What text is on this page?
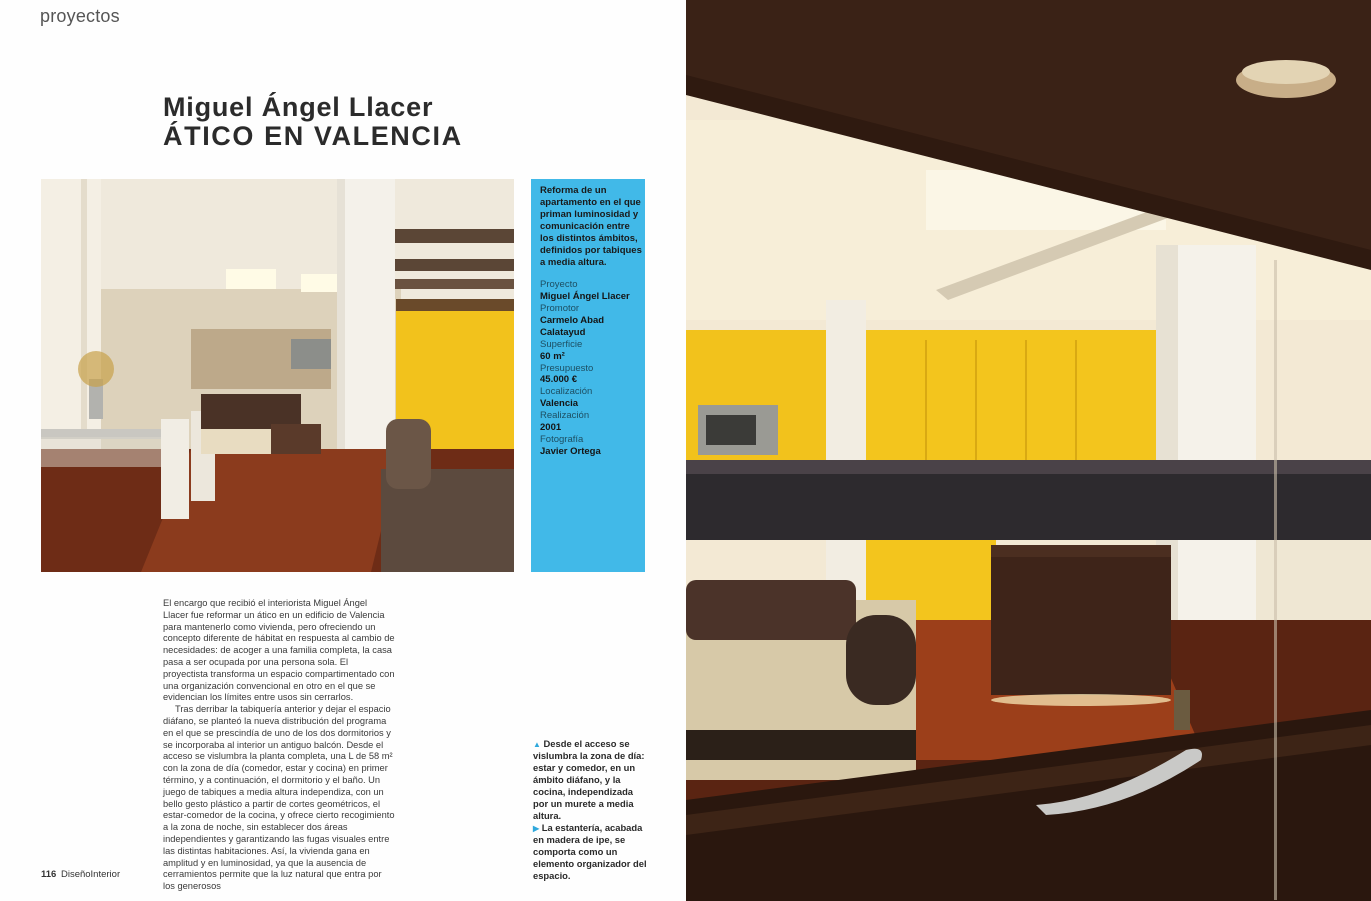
proyectos
Miguel Ángel Llacer
ÁTICO EN VALENCIA

Reforma de un apartamento en el que priman luminosidad y comunicación entre los distintos ámbitos, definidos por tabiques a media altura.

Proyecto
Miguel Ángel Llacer
Promotor
Carmelo Abad Calatayud
Superficie
60 m²
Presupuesto
45.000 €
Localización
Valencia
Realización
2001
Fotografía
Javier Ortega

El encargo que recibió el interiorista Miguel Ángel Llacer fue reformar un ático en un edificio de Valencia para mantenerlo como vivienda, pero ofreciendo un concepto diferente de hábitat en respuesta al cambio de necesidades: de acoger a una familia completa, la casa pasa a ser ocupada por una persona sola. El proyectista transforma un espacio compartimentado con una organización convencional en otro en el que se evidencian los límites entre usos sin cerrarlos.

Tras derribar la tabiquería anterior y dejar el espacio diáfano, se planteó la nueva distribución del programa en el que se prescindía de uno de los dos dormitorios y se incorporaba al interior un antiguo balcón. Desde el acceso se vislumbra la planta completa, una L de 58 m² con la zona de día (comedor, estar y cocina) en primer término, y a continuación, el dormitorio y el baño. Un juego de tabiques a media altura independiza, con un bello gesto plástico a partir de cortes geométricos, el estar-comedor de la cocina, y ofrece cierto recogimiento a la zona de noche, sin establecer dos áreas independientes y garantizando las fugas visuales entre las distintas habitaciones. Así, la vivienda gana en amplitud y en luminosidad, ya que la ausencia de cerramientos permite que la luz natural que entra por los generosos

▲ Desde el acceso se vislumbra la zona de día: estar y comedor, en un ámbito diáfano, y la cocina, independizada por un murete a media altura.

▶ La estantería, acabada en madera de ipe, se comporta como un elemento organizador del espacio.

116 DiseñoInterior
